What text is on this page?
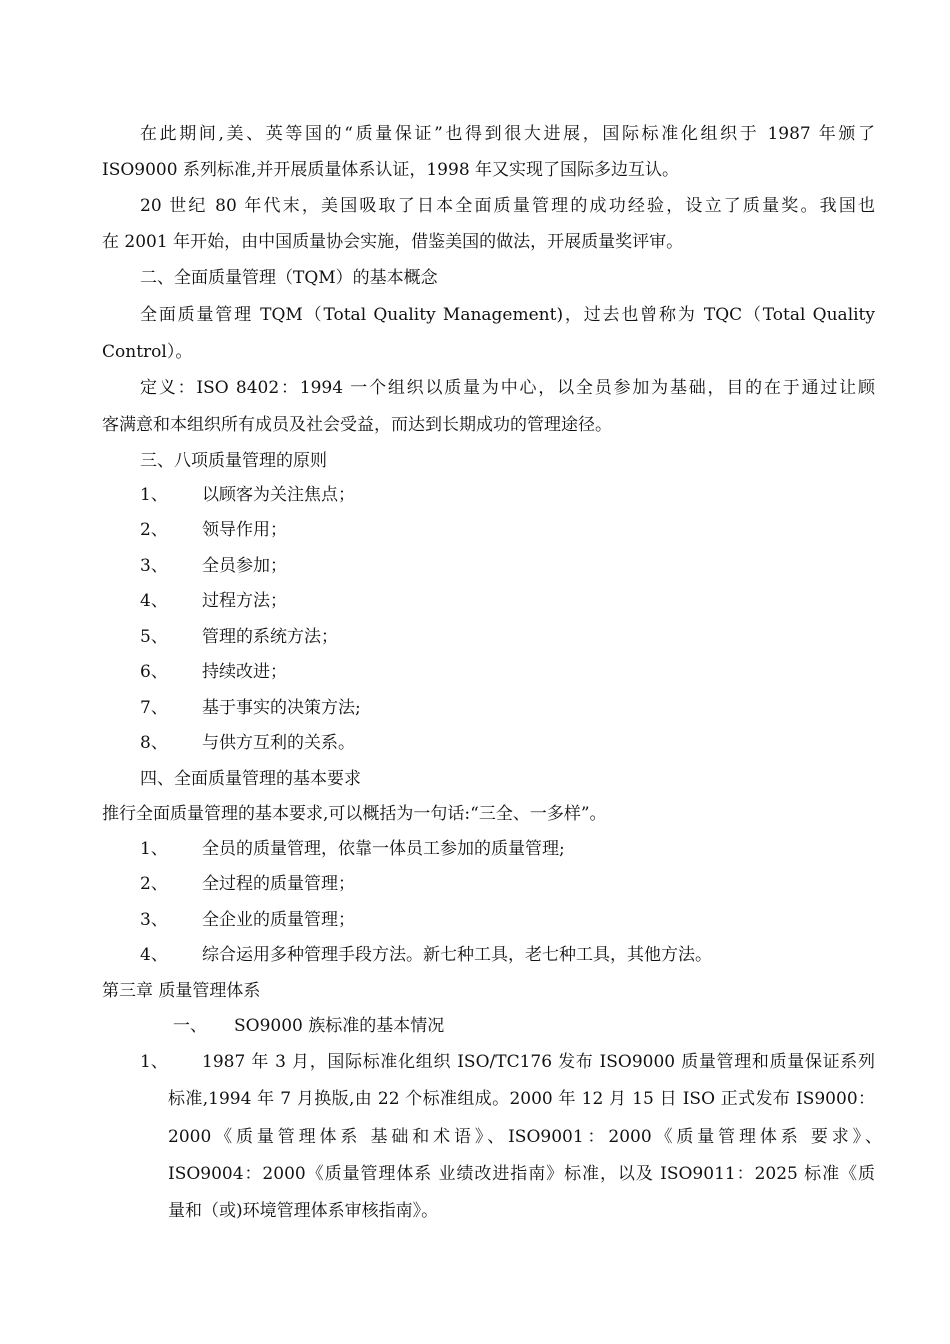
在此期间,美、英等国的“质量保证”也得到很大进展，国际标准化组织于 1987 年颁了
ISO9000 系列标准,并开展质量体系认证，1998 年又实现了国际多边互认。
20 世纪 80 年代末，美国吸取了日本全面质量管理的成功经验，设立了质量奖。我国也
在 2001 年开始，由中国质量协会实施，借鉴美国的做法，开展质量奖评审。
二、全面质量管理（TQM）的基本概念
全面质量管理 TQM（Total Quality Management)，过去也曾称为 TQC（Total Quality
Control）。
定义：ISO 8402：1994 一个组织以质量为中心，以全员参加为基础，目的在于通过让顾
客满意和本组织所有成员及社会受益，而达到长期成功的管理途径。
三、八项质量管理的原则
1、 以顾客为关注焦点；
2、 领导作用；
3、 全员参加；
4、 过程方法；
5、 管理的系统方法；
6、 持续改进；
7、 基于事实的决策方法;
8、 与供方互利的关系。
四、全面质量管理的基本要求
推行全面质量管理的基本要求,可以概括为一句话:“三全、一多样”。
1、 全员的质量管理，依靠一体员工参加的质量管理;
2、 全过程的质量管理；
3、 全企业的质量管理；
4、 综合运用多种管理手段方法。新七种工具，老七种工具，其他方法。
第三章 质量管理体系
一、 SO9000 族标准的基本情况
1、 1987 年 3 月，国际标准化组织 ISO/TC176 发布 ISO9000 质量管理和质量保证系列
标准,1994 年 7 月换版,由 22 个标准组成。2000 年 12 月 15 日 ISO 正式发布 IS9000：
2000《质量管理体系 基础和术语》、ISO9001：2000《质量管理体系 要求》、
ISO9004：2000《质量管理体系 业绩改进指南》标准，以及 ISO9011：2025 标准《质
量和（或)环境管理体系审核指南》。
